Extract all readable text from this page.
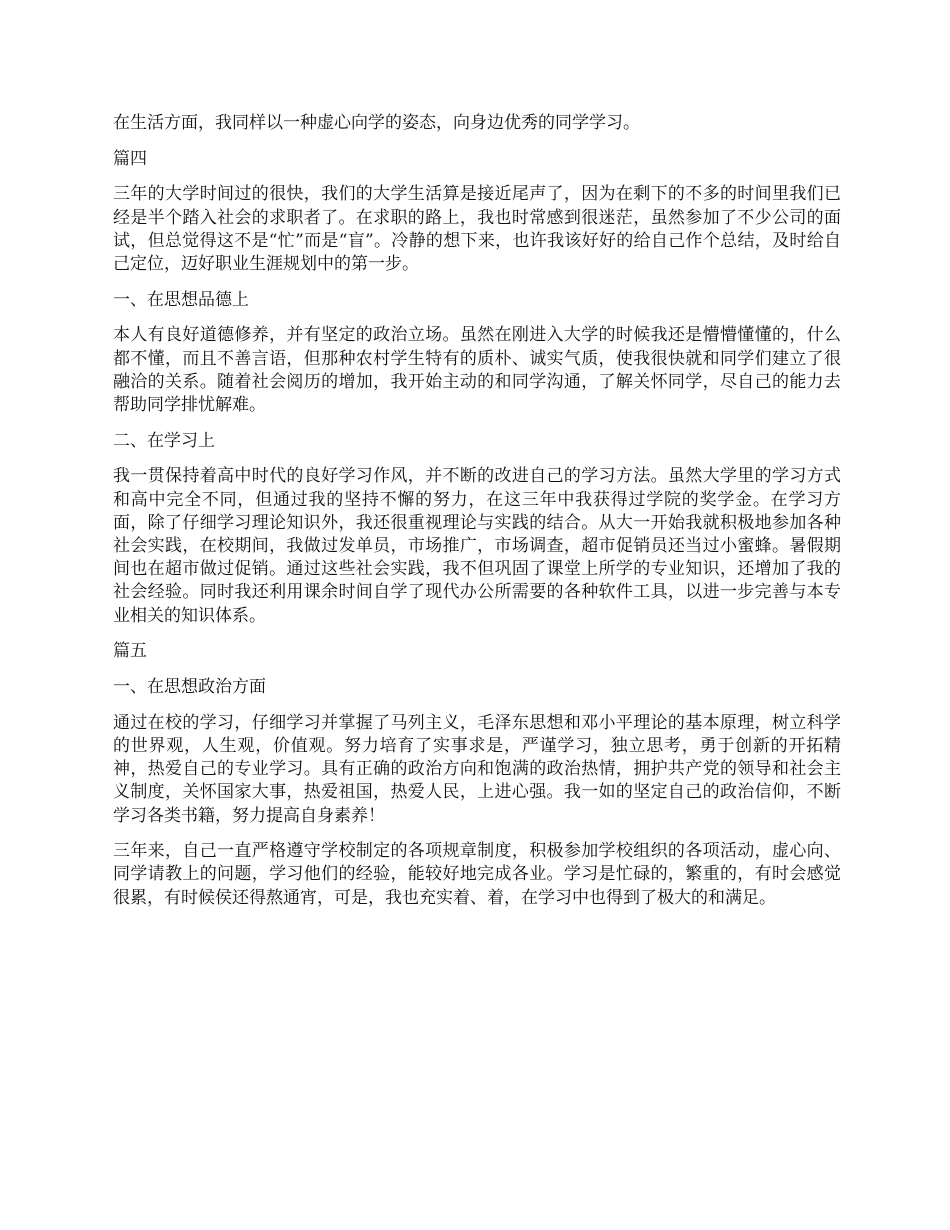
在生活方面，我同样以一种虚心向学的姿态，向身边优秀的同学学习。

篇四

三年的大学时间过的很快，我们的大学生活算是接近尾声了，因为在剩下的不多的时间里我们已经是半个踏入社会的求职者了。在求职的路上，我也时常感到很迷茫，虽然参加了不少公司的面试，但总觉得这不是“忙”而是“盲”。冷静的想下来，也许我该好好的给自己作个总结，及时给自己定位，迈好职业生涯规划中的第一步。

一、在思想品德上

本人有良好道德修养，并有坚定的政治立场。虽然在刚进入大学的时候我还是懵懵懂懂的，什么都不懂，而且不善言语，但那种农村学生特有的质朴、诚实气质，使我很快就和同学们建立了很融洽的关系。随着社会阅历的增加，我开始主动的和同学沟通，了解关怀同学，尽自己的能力去帮助同学排忧解难。

二、在学习上

我一贯保持着高中时代的良好学习作风，并不断的改进自己的学习方法。虽然大学里的学习方式和高中完全不同，但通过我的坚持不懈的努力，在这三年中我获得过学院的奖学金。在学习方面，除了仔细学习理论知识外，我还很重视理论与实践的结合。从大一开始我就积极地参加各种社会实践，在校期间，我做过发单员，市场推广，市场调查，超市促销员还当过小蜜蜂。暑假期间也在超市做过促销。通过这些社会实践，我不但巩固了课堂上所学的专业知识，还增加了我的社会经验。同时我还利用课余时间自学了现代办公所需要的各种软件工具，以进一步完善与本专业相关的知识体系。

篇五

一、在思想政治方面

通过在校的学习，仔细学习并掌握了马列主义，毛泽东思想和邓小平理论的基本原理，树立科学的世界观，人生观，价值观。努力培育了实事求是，严谨学习，独立思考，勇于创新的开拓精神，热爱自己的专业学习。具有正确的政治方向和饱满的政治热情，拥护共产党的领导和社会主义制度，关怀国家大事，热爱祖国，热爱人民，上进心强。我一如的坚定自己的政治信仰，不断学习各类书籍，努力提高自身素养！

三年来，自己一直严格遵守学校制定的各项规章制度，积极参加学校组织的各项活动，虚心向、同学请教上的问题，学习他们的经验，能较好地完成各业。学习是忙碌的，繁重的，有时会感觉很累，有时候侯还得熬通宵，可是，我也充实着、着，在学习中也得到了极大的和满足。
